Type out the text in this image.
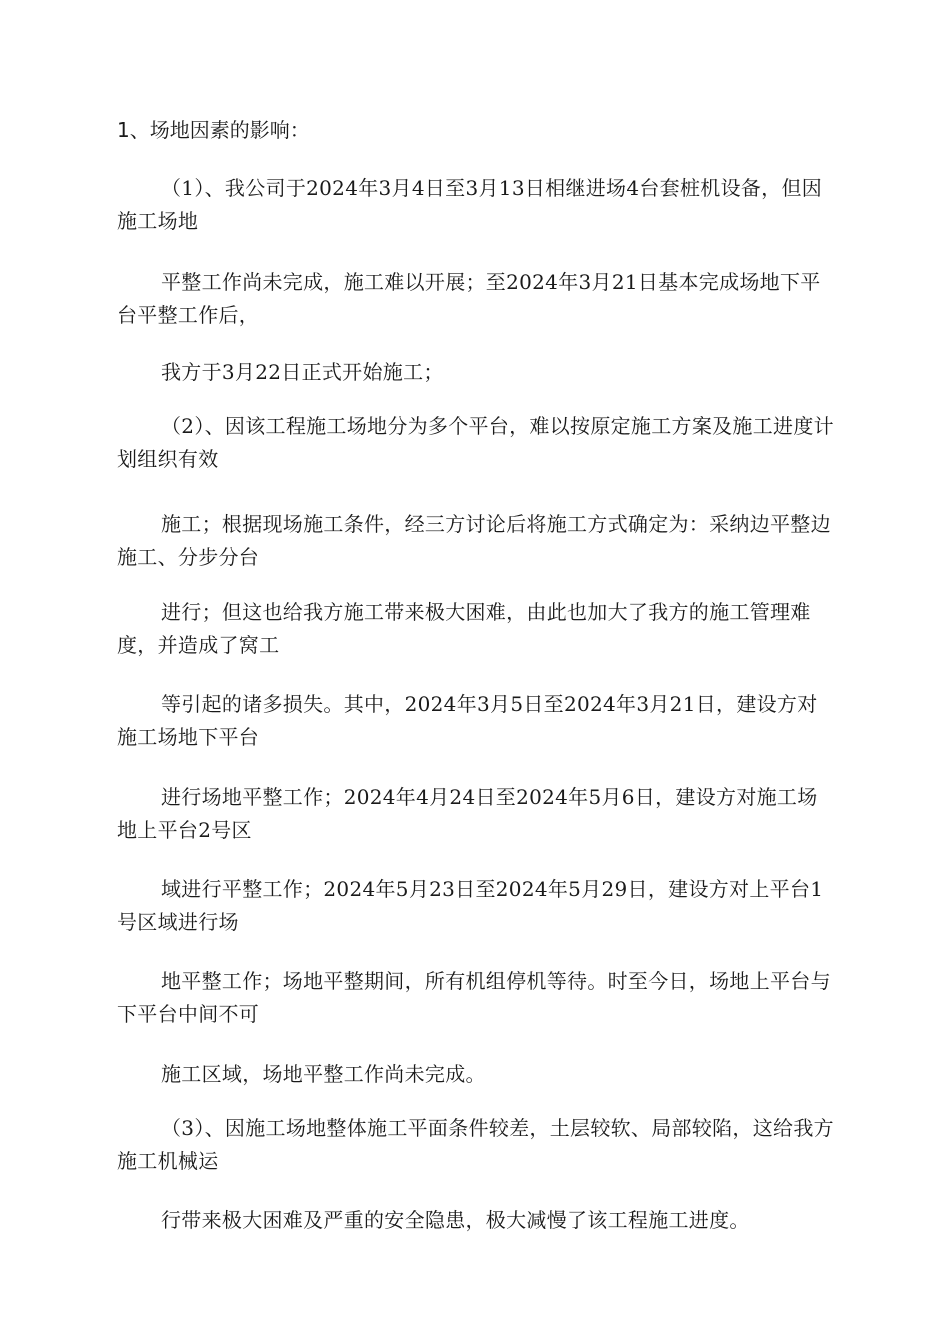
1、场地因素的影响：

（1）、我公司于2024年3月4日至3月13日相继进场4台套桩机设备，但因施工场地

平整工作尚未完成，施工难以开展；至2024年3月21日基本完成场地下平台平整工作后，

我方于3月22日正式开始施工；

（2）、因该工程施工场地分为多个平台，难以按原定施工方案及施工进度计划组织有效

施工；根据现场施工条件，经三方讨论后将施工方式确定为：采纳边平整边施工、分步分台

进行；但这也给我方施工带来极大困难，由此也加大了我方的施工管理难度，并造成了窝工

等引起的诸多损失。其中，2024年3月5日至2024年3月21日，建设方对施工场地下平台

进行场地平整工作；2024年4月24日至2024年5月6日，建设方对施工场地上平台2号区

域进行平整工作；2024年5月23日至2024年5月29日，建设方对上平台1号区域进行场

地平整工作；场地平整期间，所有机组停机等待。时至今日，场地上平台与下平台中间不可

施工区域，场地平整工作尚未完成。

（3）、因施工场地整体施工平面条件较差，土层较软、局部较陷，这给我方施工机械运

行带来极大困难及严重的安全隐患，极大减慢了该工程施工进度。
